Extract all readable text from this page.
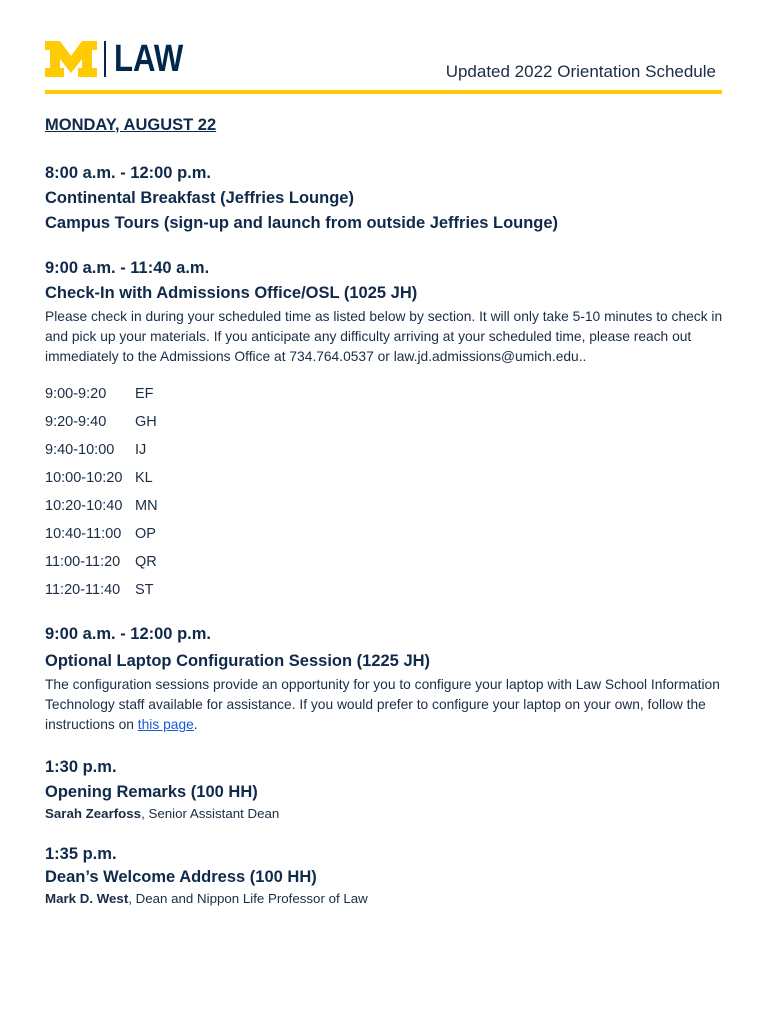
LAW	Updated 2022 Orientation Schedule
MONDAY, AUGUST 22
8:00 a.m. - 12:00 p.m.
Continental Breakfast (Jeffries Lounge)
Campus Tours (sign-up and launch from outside Jeffries Lounge)
9:00 a.m. - 11:40 a.m.
Check-In with Admissions Office/OSL (1025 JH)
Please check in during your scheduled time as listed below by section. It will only take 5-10 minutes to check in and pick up your materials. If you anticipate any difficulty arriving at your scheduled time, please reach out immediately to the Admissions Office at 734.764.0537 or law.jd.admissions@umich.edu..
9:00-9:20	EF
9:20-9:40	GH
9:40-10:00	IJ
10:00-10:20 KL
10:20-10:40 MN
10:40-11:00 OP
11:00-11:20	QR
11:20-11:40	ST
9:00 a.m. - 12:00 p.m.
Optional Laptop Configuration Session (1225 JH)
The configuration sessions provide an opportunity for you to configure your laptop with Law School Information Technology staff available for assistance. If you would prefer to configure your laptop on your own, follow the instructions on this page.
1:30 p.m.
Opening Remarks (100 HH)
Sarah Zearfoss, Senior Assistant Dean
1:35 p.m.
Dean’s Welcome Address (100 HH)
Mark D. West, Dean and Nippon Life Professor of Law
